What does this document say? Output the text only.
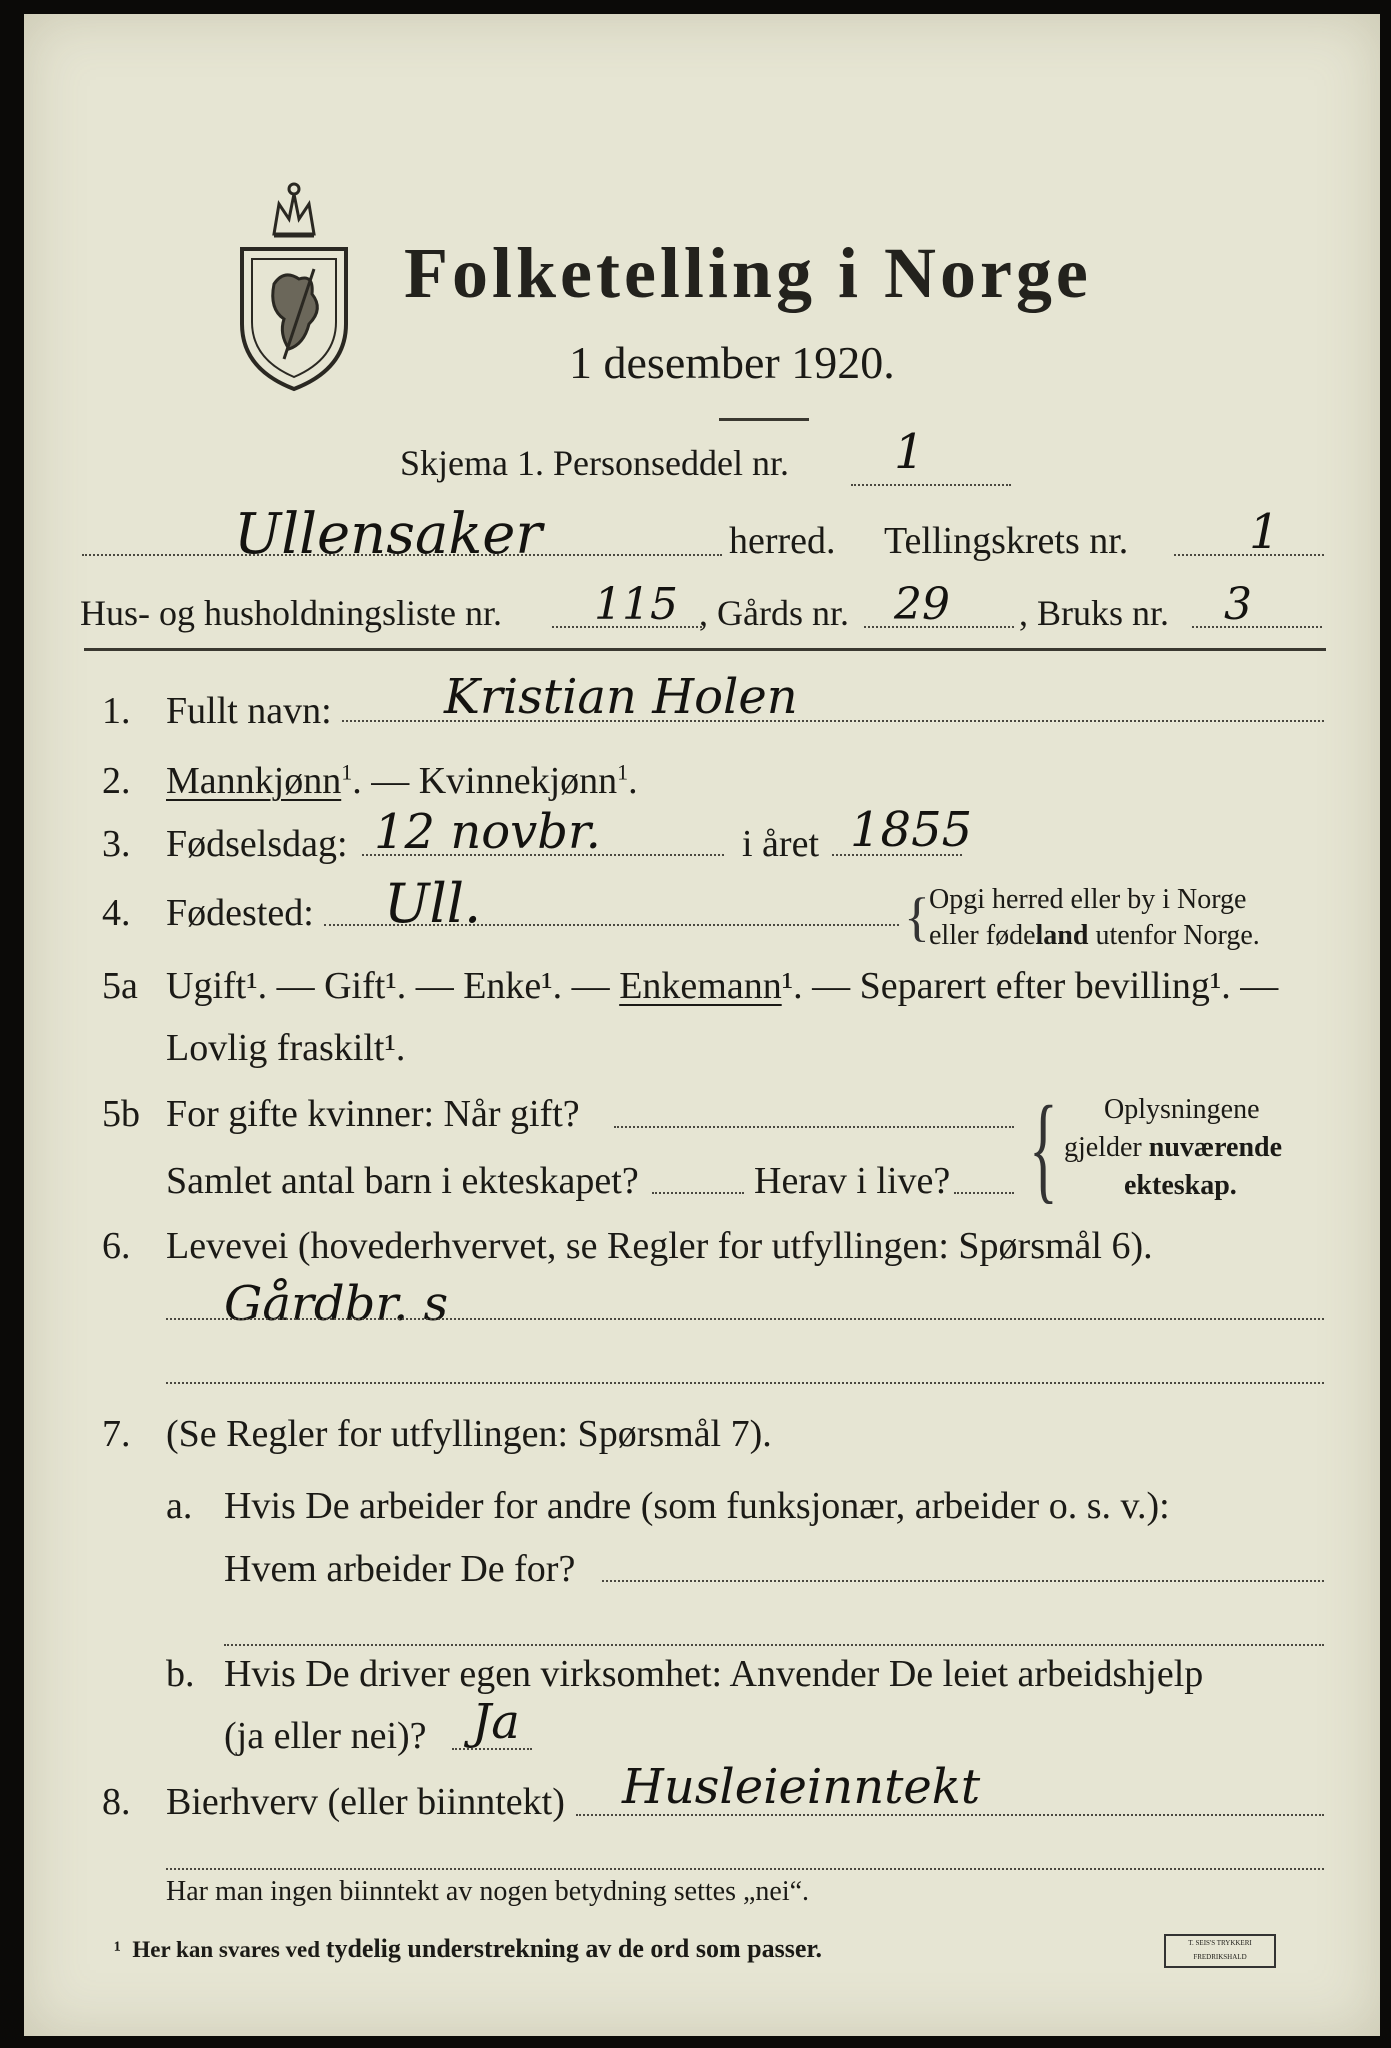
Folketelling i Norge
1 desember 1920.
Skjema 1. Personseddel nr. 1
Ullensaker	herred. Tellingskrets nr.	1
Hus- og husholdningsliste nr. 115 , Gårds nr. 29 , Bruks nr. 3
1. Fullt navn: Kristian Holen
2. Mannkjønn$^1$. — Kvinnekjønn$^1$.
3. Fødselsdag: 12 novbr.	i året 1855
4. Fødested: Ull.	{ Opgi herred eller by i Norge
eller fødeland utenfor Norge.
5a Ugift¹. — Gift¹. — Enke¹. — Enkemann¹. — Separert efter bevilling¹. —
Lovlig fraskilt¹.
5b For gifte kvinner: Når gift?
Samlet antal barn i ekteskapet?	Herav i live? { Oplysningene
gjelder nuværende
ekteskap.
6. Levevei (hovederhvervet, se Regler for utfyllingen: Spørsmål 6).
Gårdbr. s
7. (Se Regler for utfyllingen: Spørsmål 7).
a. Hvis De arbeider for andre (som funksjonær, arbeider o. s. v.):
Hvem arbeider De for?
b. Hvis De driver egen virksomhet: Anvender De leiet arbeidshjelp
(ja eller nei)? Ja
8. Bierhverv (eller biinntekt) Husleieinntekt
Har man ingen biinntekt av nogen betydning settes „nei“.
¹ Her kan svares ved tydelig understrekning av de ord som passer.	T. SEIS'S TRYKKERI FREDRIKSHALD
